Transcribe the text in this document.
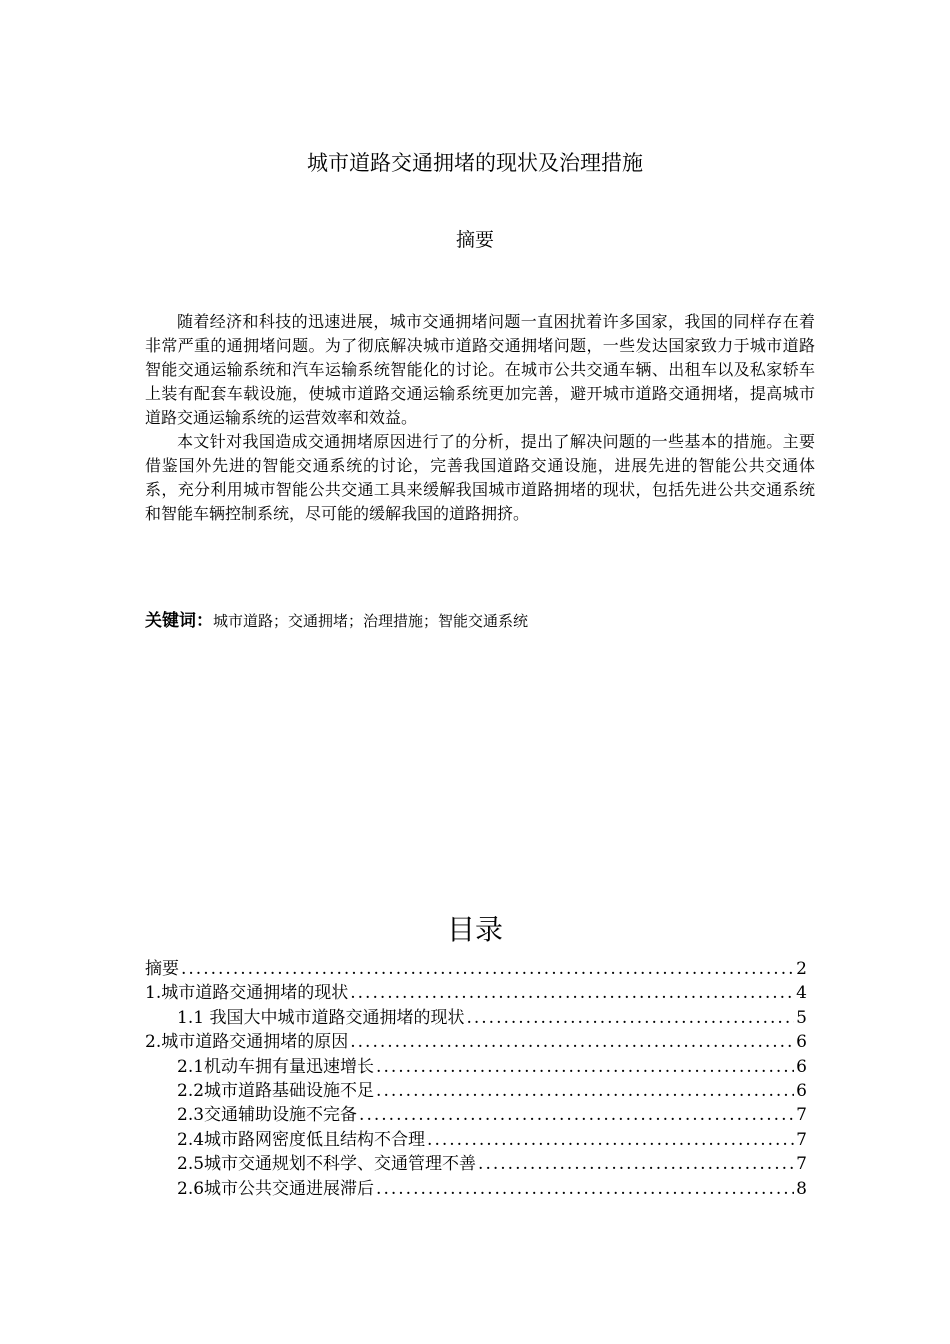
城市道路交通拥堵的现状及治理措施
摘要

随着经济和科技的迅速进展，城市交通拥堵问题一直困扰着许多国家，我国的同样存在着非常严重的通拥堵问题。为了彻底解决城市道路交通拥堵问题，一些发达国家致力于城市道路智能交通运输系统和汽车运输系统智能化的讨论。在城市公共交通车辆、出租车以及私家轿车上装有配套车载设施，使城市道路交通运输系统更加完善，避开城市道路交通拥堵，提高城市道路交通运输系统的运营效率和效益。

本文针对我国造成交通拥堵原因进行了的分析，提出了解决问题的一些基本的措施。主要借鉴国外先进的智能交通系统的讨论，完善我国道路交通设施，进展先进的智能公共交通体系，充分利用城市智能公共交通工具来缓解我国城市道路拥堵的现状，包括先进公共交通系统和智能车辆控制系统，尽可能的缓解我国的道路拥挤。

关键词：城市道路；交通拥堵；治理措施；智能交通系统
目录
摘要 .....	2
1.城市道路交通拥堵的现状 .....	4
1.1 我国大中城市道路交通拥堵的现状 .....	5
2.城市道路交通拥堵的原因 .....	6
2.1机动车拥有量迅速增长 .....	6
2.2城市道路基础设施不足 .....	6
2.3交通辅助设施不完备 .....	7
2.4城市路网密度低且结构不合理 .....	7
2.5城市交通规划不科学、交通管理不善 .....	7
2.6城市公共交通进展滞后 .....	8
